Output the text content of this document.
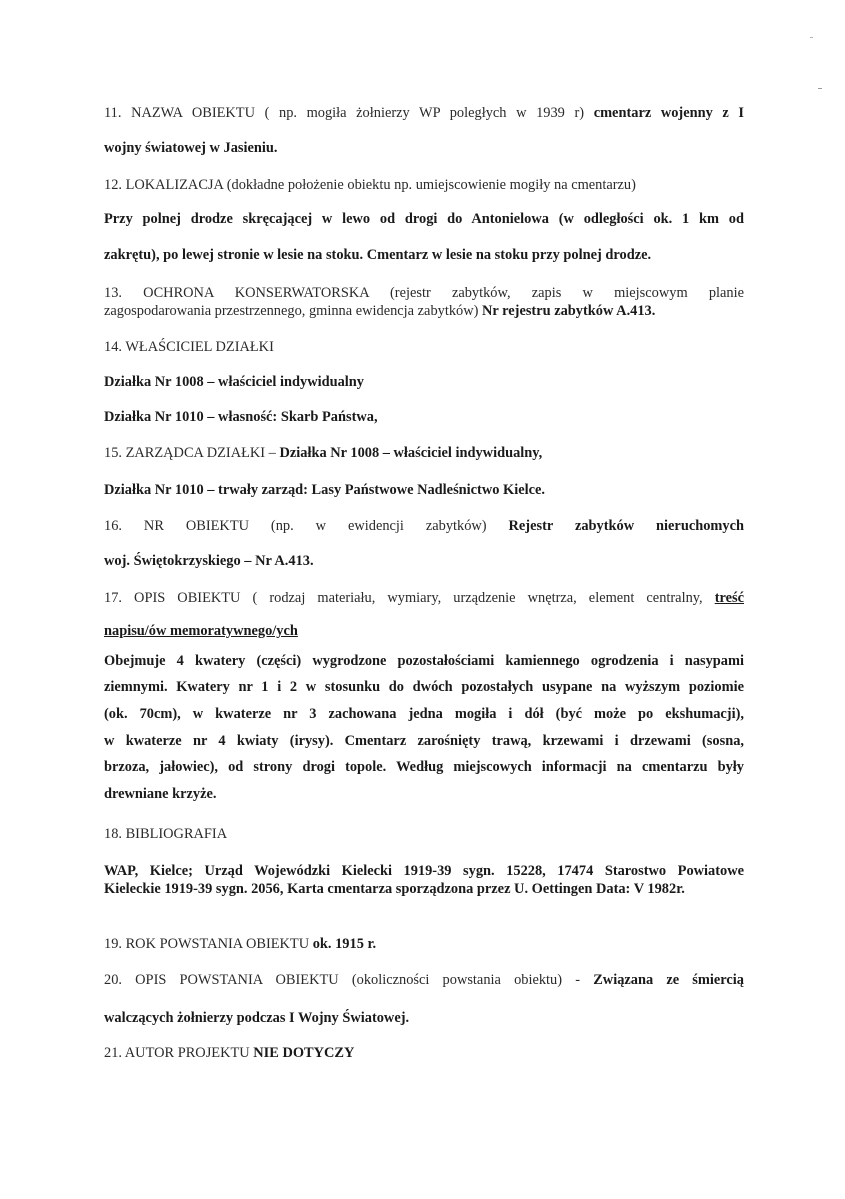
11. NAZWA OBIEKTU ( np. mogiła żołnierzy WP poległych w 1939 r) cmentarz wojenny z I
wojny światowej w Jasieniu.
12. LOKALIZACJA (dokładne położenie obiektu np. umiejscowienie mogiły na cmentarzu)
Przy polnej drodze skręcającej w lewo od drogi do Antonielowa (w odległości ok. 1 km od
zakrętu), po lewej stronie w lesie na stoku. Cmentarz w lesie na stoku przy polnej drodze.
13. OCHRONA KONSERWATORSKA (rejestr zabytków, zapis w miejscowym planie
zagospodarowania przestrzennego, gminna ewidencja zabytków) Nr rejestru zabytków A.413.
14. WŁAŚCICIEL DZIAŁKI
Działka Nr 1008 – właściciel indywidualny
Działka Nr 1010 – własność: Skarb Państwa,
15. ZARZĄDCA DZIAŁKI – Działka Nr 1008 – właściciel indywidualny,
Działka Nr 1010 – trwały zarząd: Lasy Państwowe Nadleśnictwo Kielce.
16. NR OBIEKTU (np. w ewidencji zabytków) Rejestr zabytków nieruchomych
woj. Świętokrzyskiego – Nr A.413.
17. OPIS OBIEKTU ( rodzaj materiału, wymiary, urządzenie wnętrza, element centralny, treść
napisu/ów memoratywnego/ych
Obejmuje 4 kwatery (części) wygrodzone pozostałościami kamiennego ogrodzenia i nasypami
ziemnymi. Kwatery nr 1 i 2 w stosunku do dwóch pozostałych usypane na wyższym poziomie
(ok. 70cm), w kwaterze nr 3 zachowana jedna mogiła i dół (być może po ekshumacji),
w kwaterze nr 4 kwiaty (irysy). Cmentarz zarośnięty trawą, krzewami i drzewami (sosna,
brzoza, jałowiec), od strony drogi topole. Według miejscowych informacji na cmentarzu były
drewniane krzyże.
18. BIBLIOGRAFIA
WAP, Kielce; Urząd Wojewódzki Kielecki 1919-39 sygn. 15228, 17474 Starostwo Powiatowe
Kieleckie 1919-39 sygn. 2056, Karta cmentarza sporządzona przez U. Oettingen Data: V 1982r.
19. ROK POWSTANIA OBIEKTU ok. 1915 r.
20. OPIS POWSTANIA OBIEKTU (okoliczności powstania obiektu) - Związana ze śmiercią
walczących żołnierzy podczas I Wojny Światowej.
21. AUTOR PROJEKTU NIE DOTYCZY
